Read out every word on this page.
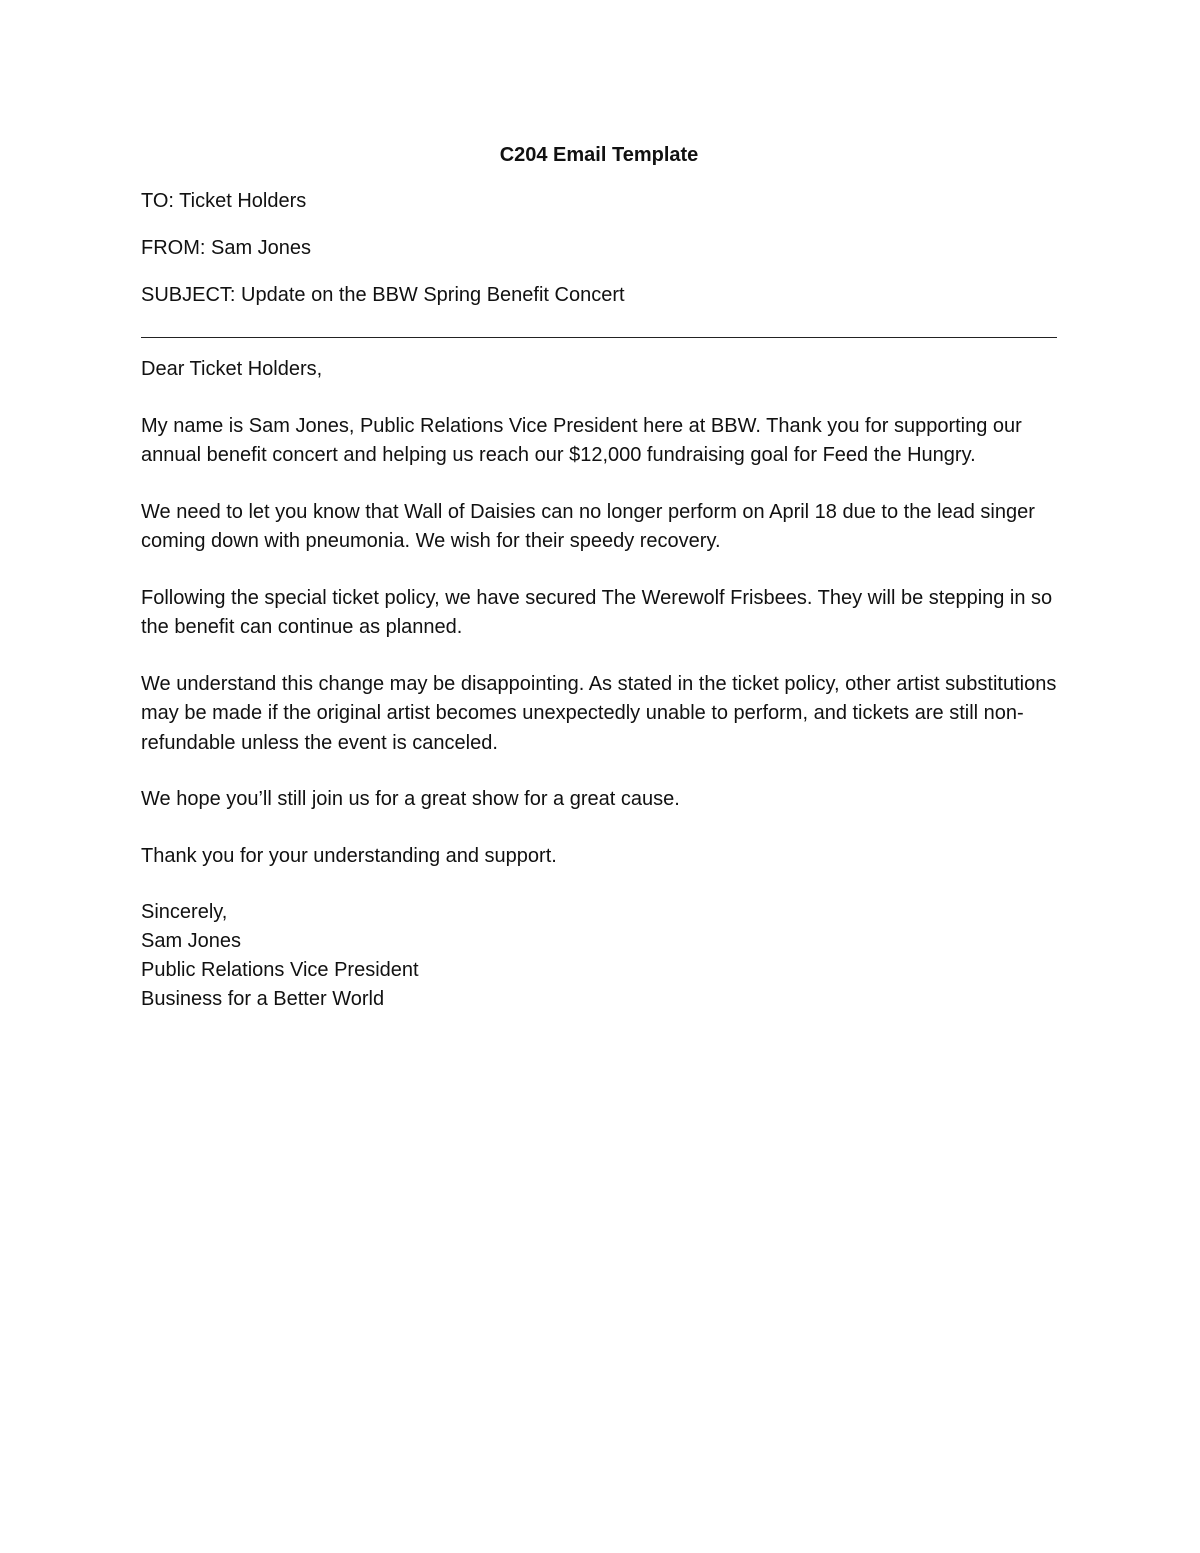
C204 Email Template
TO: Ticket Holders
FROM: Sam Jones
SUBJECT: Update on the BBW Spring Benefit Concert
Dear Ticket Holders,
My name is Sam Jones, Public Relations Vice President here at BBW. Thank you for supporting our annual benefit concert and helping us reach our $12,000 fundraising goal for Feed the Hungry.
We need to let you know that Wall of Daisies can no longer perform on April 18 due to the lead singer coming down with pneumonia. We wish for their speedy recovery.
Following the special ticket policy, we have secured The Werewolf Frisbees. They will be stepping in so the benefit can continue as planned.
We understand this change may be disappointing. As stated in the ticket policy, other artist substitutions may be made if the original artist becomes unexpectedly unable to perform, and tickets are still non-refundable unless the event is canceled.
We hope you’ll still join us for a great show for a great cause.
Thank you for your understanding and support.
Sincerely,
Sam Jones
Public Relations Vice President
Business for a Better World
